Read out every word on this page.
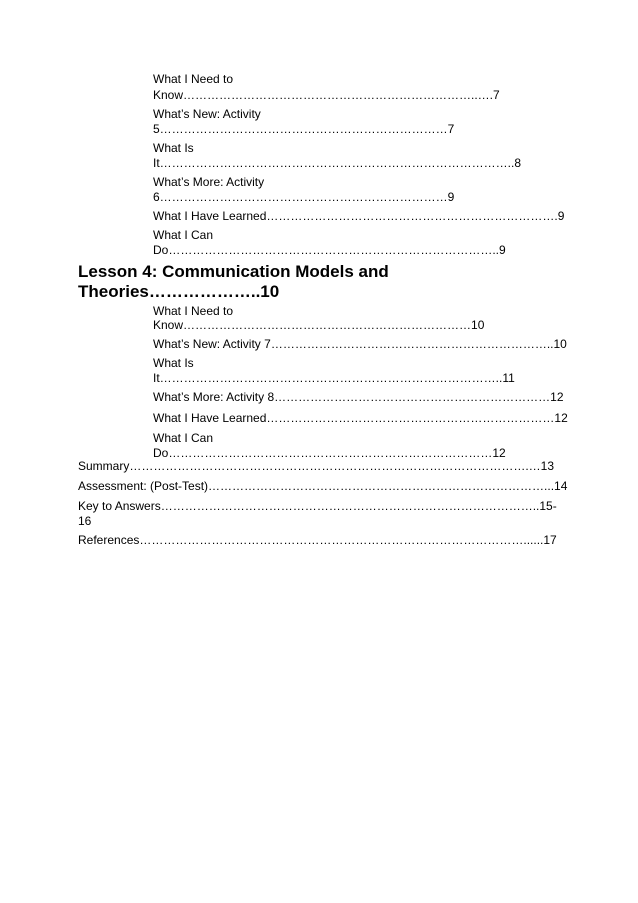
What I Need to

Know………………………………………………………………..….7

What’s New: Activity

5………………………………………………………………7

What Is

It……………………………………………………………………………..8

What’s More: Activity

6………………………………………………………………9

What I Have Learned……………………………………………………………….9

What I Can

Do………………………………………………………………………..9

Lesson 4: Communication Models and

Theories………………..10

What I Need to

Know………………………………………………………………10

What’s New: Activity 7……………………………………………………………..10

What Is

It…………………………………………………………………………..11

What’s More: Activity 8……………………………………………………………12

What I Have Learned………………………………………………………………12

What I Can

Do………………………………………………………………………12

Summary……………………………………………………………………………………….…13

Assessment: (Post-Test)…………………………………………………………………………...14

Key to Answers…………………………………………………………………………………..15-

16

References……………………………………………………………………………………......17
